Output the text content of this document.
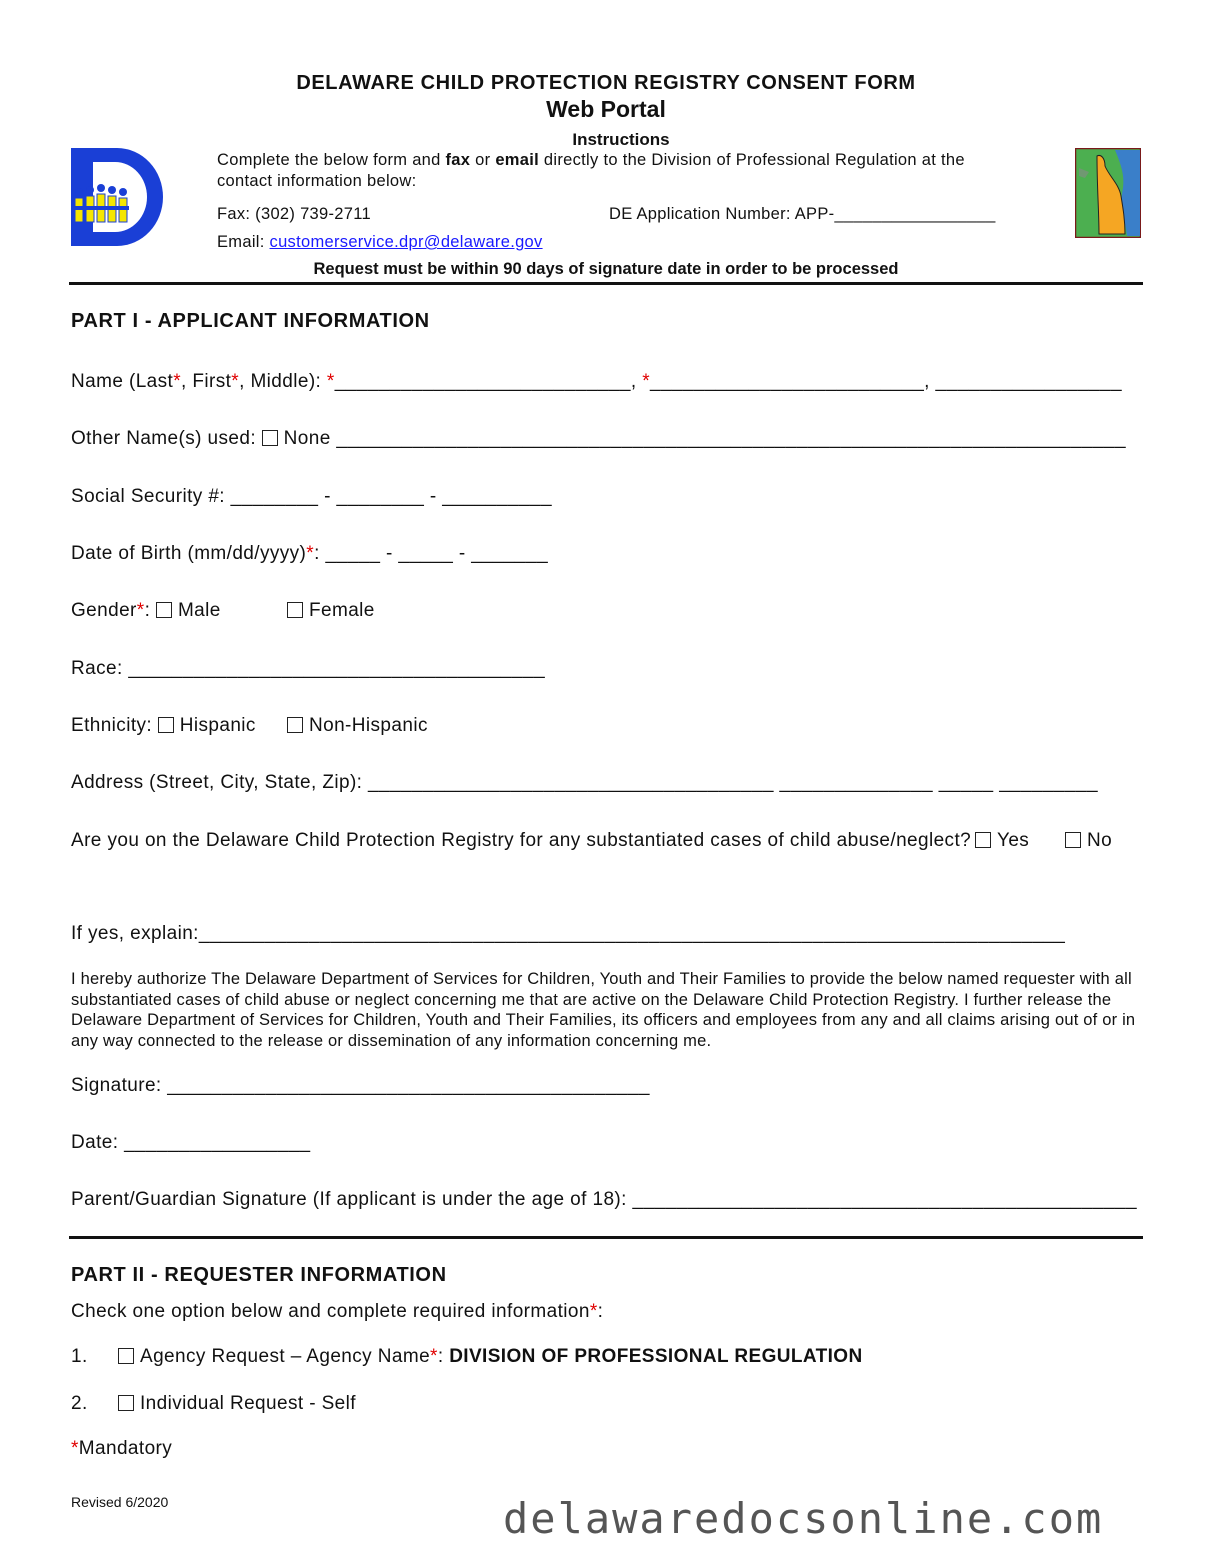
DELAWARE CHILD PROTECTION REGISTRY CONSENT FORM
Web Portal
Instructions
Complete the below form and fax or email directly to the Division of Professional Regulation at the
contact information below:
Fax: (302) 739-2711	DE Application Number: APP-_________________
Email: customerservice.dpr@delaware.gov
Request must be within 90 days of signature date in order to be processed
PART I - APPLICANT INFORMATION
Name (Last*, First*, Middle): *___________________________, *_________________________, _________________
Other Name(s) used: None ________________________________________________________________________
Social Security #: ________ - ________ - __________
Date of Birth (mm/dd/yyyy)*: _____ - _____ - _______
Gender*: Male	Female
Race: ______________________________________
Ethnicity: Hispanic	Non-Hispanic
Address (Street, City, State, Zip): _____________________________________ ______________ _____ _________
Are you on the Delaware Child Protection Registry for any substantiated cases of child abuse/neglect?	Yes	No
If yes, explain:_______________________________________________________________________________
I hereby authorize The Delaware Department of Services for Children, Youth and Their Families to provide the below named requester with all substantiated cases of child abuse or neglect concerning me that are active on the Delaware Child Protection Registry. I further release the Delaware Department of Services for Children, Youth and Their Families, its officers and employees from any and all claims arising out of or in any way connected to the release or dissemination of any information concerning me.
Signature: ____________________________________________
Date: _________________
Parent/Guardian Signature (If applicant is under the age of 18): ______________________________________________
PART II - REQUESTER INFORMATION
Check one option below and complete required information*:
1.	Agency Request – Agency Name*: DIVISION OF PROFESSIONAL REGULATION
2.	Individual Request - Self
*Mandatory
Revised 6/2020	delawaredocsonline.com
